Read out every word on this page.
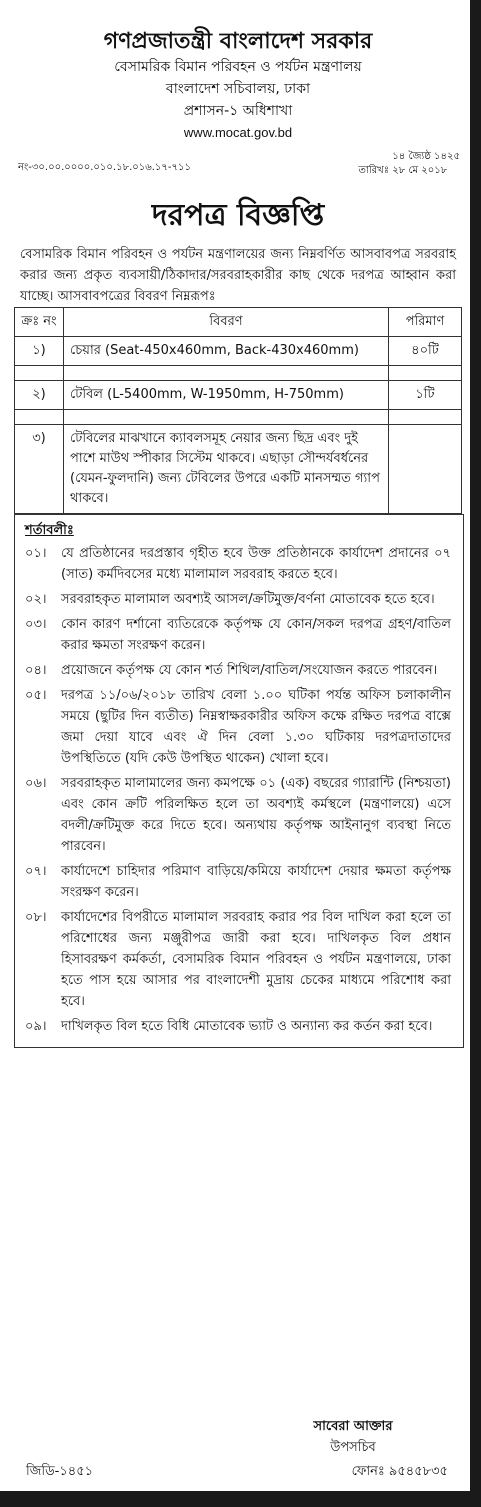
গণপ্রজাতন্ত্রী বাংলাদেশ সরকার
বেসামরিক বিমান পরিবহন ও পর্যটন মন্ত্রণালয়
বাংলাদেশ সচিবালয়, ঢাকা
প্রশাসন-১ অধিশাখা
www.mocat.gov.bd
নং-৩০.০০.০০০০.০১০.১৮.০১৬.১৭-৭১১	তারিখঃ ১৪ জ্যৈষ্ঠ ১৪২৫
২৮ মে ২০১৮
দরপত্র বিজ্ঞপ্তি
বেসামরিক বিমান পরিবহন ও পর্যটন মন্ত্রণালয়ের জন্য নিম্নবর্ণিত আসবাবপত্র সরবরাহ করার জন্য প্রকৃত ব্যবসায়ী/ঠিকাদার/সরবরাহকারীর কাছ থেকে দরপত্র আহ্বান করা যাচ্ছে। আসবাবপত্রের বিবরণ নিম্নরূপঃ
ক্রঃ নং	বিবরণ	পরিমাণ
১)	চেয়ার (Seat-450x460mm, Back-430x460mm)	৪০টি

২)	টেবিল (L-5400mm, W-1950mm, H-750mm)	১টি

৩)	টেবিলের মাঝখানে ক্যাবলসমূহ নেয়ার জন্য ছিদ্র এবং দুই পাশে মাউথ স্পীকার সিস্টেম থাকবে। এছাড়া সৌন্দর্যবর্ধনের (যেমন-ফুলদানি) জন্য টেবিলের উপরে একটি মানসম্মত গ্যাপ থাকবে।	
শর্তাবলীঃ
০১।	যে প্রতিষ্ঠানের দরপ্রস্তাব গৃহীত হবে উক্ত প্রতিষ্ঠানকে কার্যাদেশ প্রদানের ০৭ (সাত) কর্মদিবসের মধ্যে মালামাল সরবরাহ করতে হবে।
০২।	সরবরাহকৃত মালামাল অবশ্যই আসল/ক্রটিমুক্ত/বর্ণনা মোতাবেক হতে হবে।
০৩।	কোন কারণ দর্শানো ব্যতিরেকে কর্তৃপক্ষ যে কোন/সকল দরপত্র গ্রহণ/বাতিল করার ক্ষমতা সংরক্ষণ করেন।
০৪।	প্রয়োজনে কর্তৃপক্ষ যে কোন শর্ত শিথিল/বাতিল/সংযোজন করতে পারবেন।
০৫।	দরপত্র ১১/০৬/২০১৮ তারিখ বেলা ১.০০ ঘটিকা পর্যন্ত অফিস চলাকালীন সময়ে (ছুটির দিন ব্যতীত) নিম্নস্বাক্ষরকারীর অফিস কক্ষে রক্ষিত দরপত্র বাক্সে জমা দেয়া যাবে এবং ঐ দিন বেলা ১.৩০ ঘটিকায় দরপত্রদাতাদের উপস্থিতিতে (যদি কেউ উপস্থিত থাকেন) খোলা হবে।
০৬।	সরবরাহকৃত মালামালের জন্য কমপক্ষে ০১ (এক) বছরের গ্যারান্টি (নিশ্চয়তা) এবং কোন ক্রটি পরিলক্ষিত হলে তা অবশ্যই কর্মস্থলে (মন্ত্রণালয়ে) এসে বদলী/ক্রটিমুক্ত করে দিতে হবে। অন্যথায় কর্তৃপক্ষ আইনানুগ ব্যবস্থা নিতে পারবেন।
০৭।	কার্যাদেশে চাহিদার পরিমাণ বাড়িয়ে/কমিয়ে কার্যাদেশ দেয়ার ক্ষমতা কর্তৃপক্ষ সংরক্ষণ করেন।
০৮।	কার্যাদেশের বিপরীতে মালামাল সরবরাহ করার পর বিল দাখিল করা হলে তা পরিশোধের জন্য মঞ্জুরীপত্র জারী করা হবে। দাখিলকৃত বিল প্রধান হিসাবরক্ষণ কর্মকর্তা, বেসামরিক বিমান পরিবহন ও পর্যটন মন্ত্রণালয়ে, ঢাকা হতে পাস হয়ে আসার পর বাংলাদেশী মুদ্রায় চেকের মাধ্যমে পরিশোধ করা হবে।
০৯।	দাখিলকৃত বিল হতে বিধি মোতাবেক ভ্যাট ও অন্যান্য কর কর্তন করা হবে।
সাবেরা আক্তার
উপসচিব
জিডি-১৪৫১	ফোনঃ ৯৫৪৫৮৩৫
